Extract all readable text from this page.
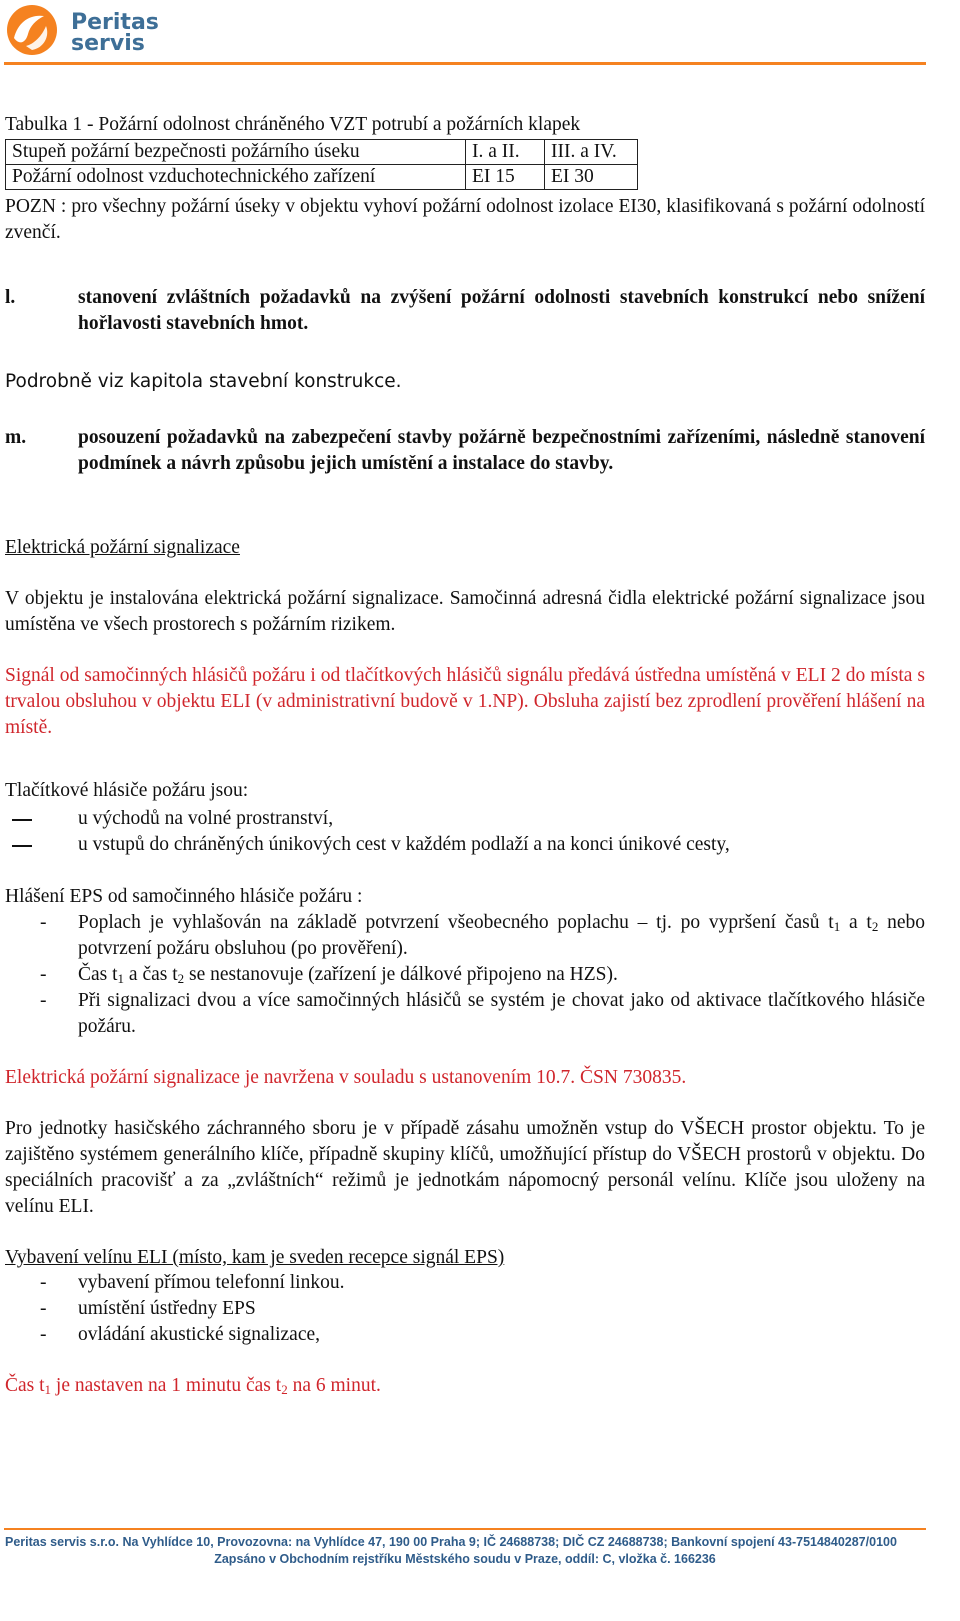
Peritas
servis
Tabulka 1 - Požární odolnost chráněného VZT potrubí a požárních klapek
Stupeň požární bezpečnosti požárního úseku	I. a II.	III. a IV.
Požární odolnost vzduchotechnického zařízení	EI 15	EI 30
POZN : pro všechny požární úseky v objektu vyhoví požární odolnost izolace EI30, klasifikovaná s požární odolností zvenčí.
l.	stanovení zvláštních požadavků na zvýšení požární odolnosti stavebních konstrukcí nebo snížení hořlavosti stavebních hmot.
Podrobně viz kapitola stavební konstrukce.
m.	posouzení požadavků na zabezpečení stavby požárně bezpečnostními zařízeními, následně stanovení podmínek a návrh způsobu jejich umístění a instalace do stavby.
Elektrická požární signalizace
V objektu je instalována elektrická požární signalizace. Samočinná adresná čidla elektrické požární signalizace jsou umístěna ve všech prostorech s požárním rizikem.
Signál od samočinných hlásičů požáru i od tlačítkových hlásičů signálu předává ústředna umístěná v ELI 2 do místa s trvalou obsluhou v objektu ELI (v administrativní budově v 1.NP). Obsluha zajistí bez zprodlení prověření hlášení na místě.
Tlačítkové hlásiče požáru jsou:
u východů na volné prostranství,
u vstupů do chráněných únikových cest v každém podlaží a na konci únikové cesty,
Hlášení EPS od samočinného hlásiče požáru :
- Poplach je vyhlašován na základě potvrzení všeobecného poplachu – tj. po vypršení časů $t_1$ a $t_2$ nebo potvrzení požáru obsluhou (po prověření).
- Čas $t_1$ a čas $t_2$ se nestanovuje (zařízení je dálkové připojeno na HZS).
- Při signalizaci dvou a více samočinných hlásičů se systém je chovat jako od aktivace tlačítkového hlásiče požáru.
Elektrická požární signalizace je navržena v souladu s ustanovením 10.7. ČSN 730835.
Pro jednotky hasičského záchranného sboru je v případě zásahu umožněn vstup do VŠECH prostor objektu. To je zajištěno systémem generálního klíče, případně skupiny klíčů, umožňující přístup do VŠECH prostorů v objektu. Do speciálních pracovišť a za „zvláštních“ režimů je jednotkám nápomocný personál velínu. Klíče jsou uloženy na velínu ELI.
Vybavení velínu ELI (místo, kam je sveden recepce signál EPS)
- vybavení přímou telefonní linkou.
- umístění ústředny EPS
- ovládání akustické signalizace,
Čas $t_1$ je nastaven na 1 minutu čas $t_2$ na 6 minut.
Peritas servis s.r.o. Na Vyhlídce 10, Provozovna: na Vyhlídce 47, 190 00 Praha 9; IČ 24688738; DIČ CZ 24688738; Bankovní spojení 43-7514840287/0100
Zapsáno v Obchodním rejstříku Městského soudu v Praze, oddíl: C, vložka č. 166236
